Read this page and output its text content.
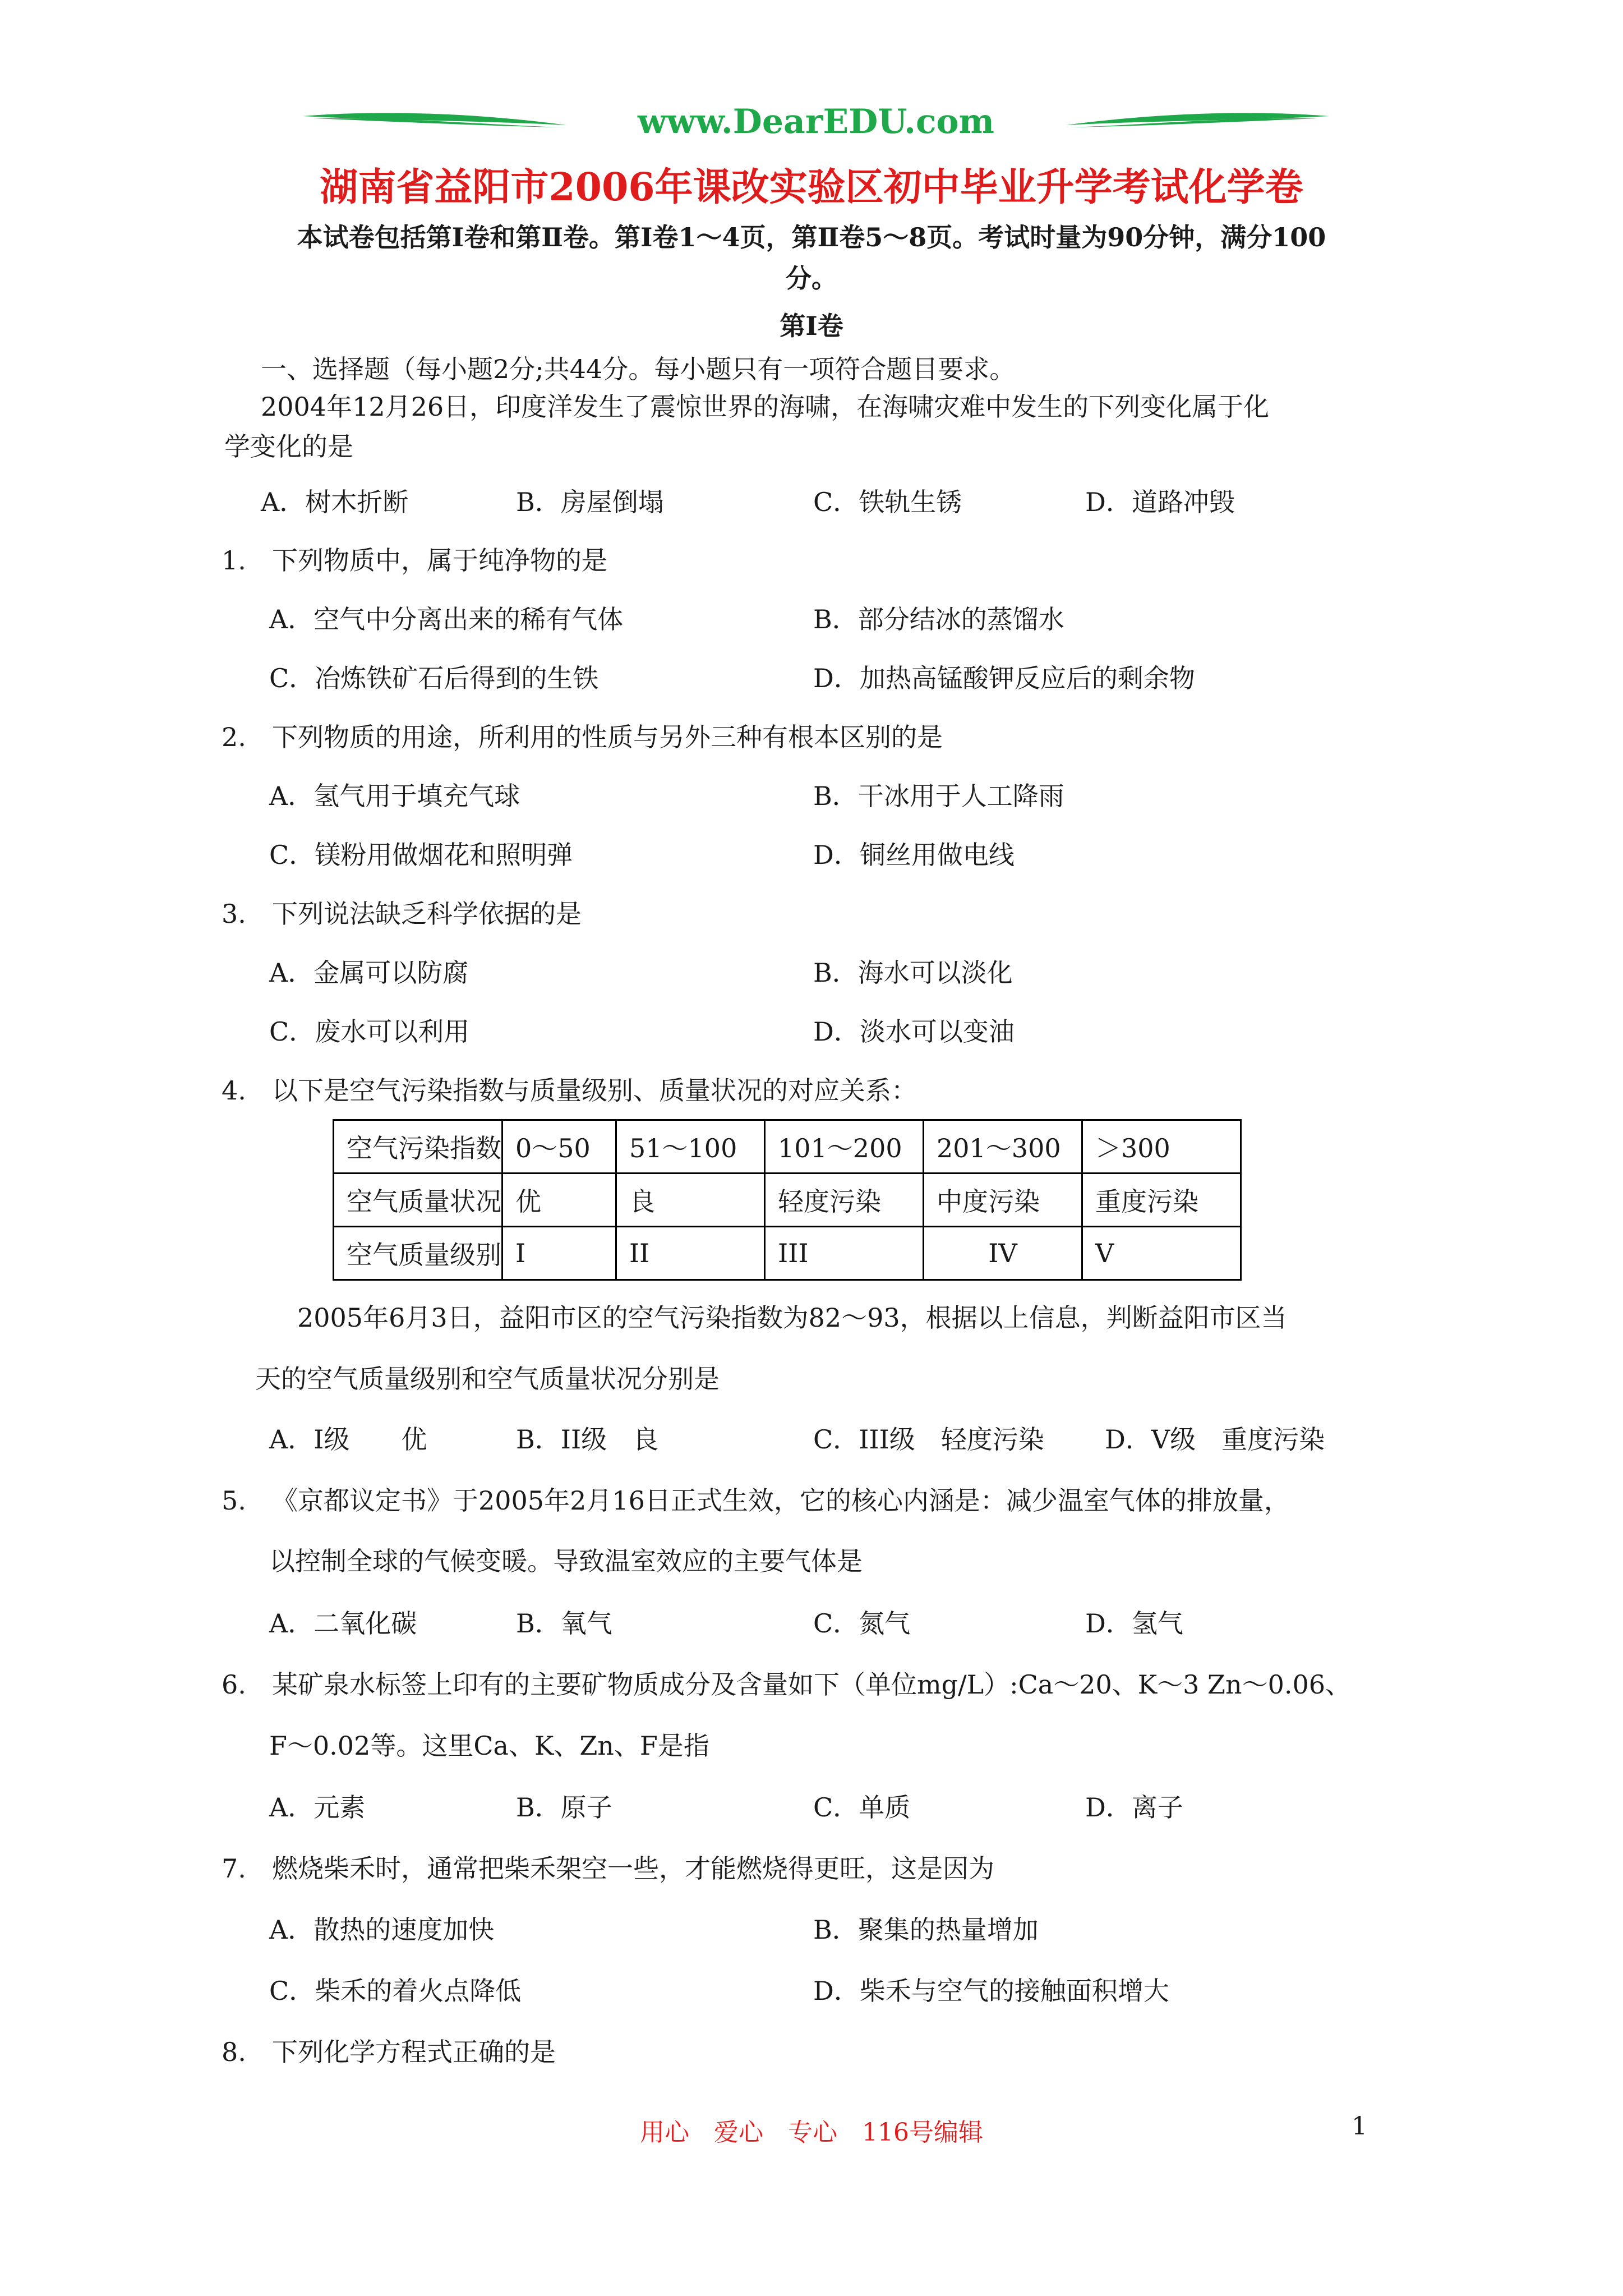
www.DearEDU.com
湖南省益阳市2006年课改实验区初中毕业升学考试化学卷
本试卷包括第Ⅰ卷和第Ⅱ卷。第Ⅰ卷1～4页，第Ⅱ卷5～8页。考试时量为90分钟，满分100
分。
第Ⅰ卷
一、选择题（每小题2分;共44分。每小题只有一项符合题目要求。
2004年12月26日，印度洋发生了震惊世界的海啸，在海啸灾难中发生的下列变化属于化
学变化的是
A．树木折断	B．房屋倒塌	C．铁轨生锈	D．道路冲毁
1. 下列物质中，属于纯净物的是
A．空气中分离出来的稀有气体	B．部分结冰的蒸馏水
C．冶炼铁矿石后得到的生铁	D．加热高锰酸钾反应后的剩余物
2. 下列物质的用途，所利用的性质与另外三种有根本区别的是
A．氢气用于填充气球	B．干冰用于人工降雨
C．镁粉用做烟花和照明弹	D．铜丝用做电线
3. 下列说法缺乏科学依据的是
A．金属可以防腐	B．海水可以淡化
C．废水可以利用	D．淡水可以变油
4. 以下是空气污染指数与质量级别、质量状况的对应关系：
空气污染指数	0～50	51～100	101～200	201～300	＞300
空气质量状况	优	良	轻度污染	中度污染	重度污染
空气质量级别	I	II	III	IV	V
2005年6月3日，益阳市区的空气污染指数为82～93，根据以上信息，判断益阳市区当
天的空气质量级别和空气质量状况分别是
A．I级　　优	B．II级　良	C．III级　轻度污染 D．V级　重度污染
5. 《京都议定书》于2005年2月16日正式生效，它的核心内涵是：减少温室气体的排放量，
以控制全球的气候变暖。导致温室效应的主要气体是
A．二氧化碳	B．氧气	C．氮气	D．氢气
6. 某矿泉水标签上印有的主要矿物质成分及含量如下（单位mg/L）:Ca～20、K～3 Zn～0.06、
F～0.02等。这里Ca、K、Zn、F是指
A．元素	B．原子	C．单质	D．离子
7. 燃烧柴禾时，通常把柴禾架空一些，才能燃烧得更旺，这是因为
A．散热的速度加快	B．聚集的热量增加
C．柴禾的着火点降低	D．柴禾与空气的接触面积增大
8. 下列化学方程式正确的是
用心　爱心　专心　116号编辑	1
